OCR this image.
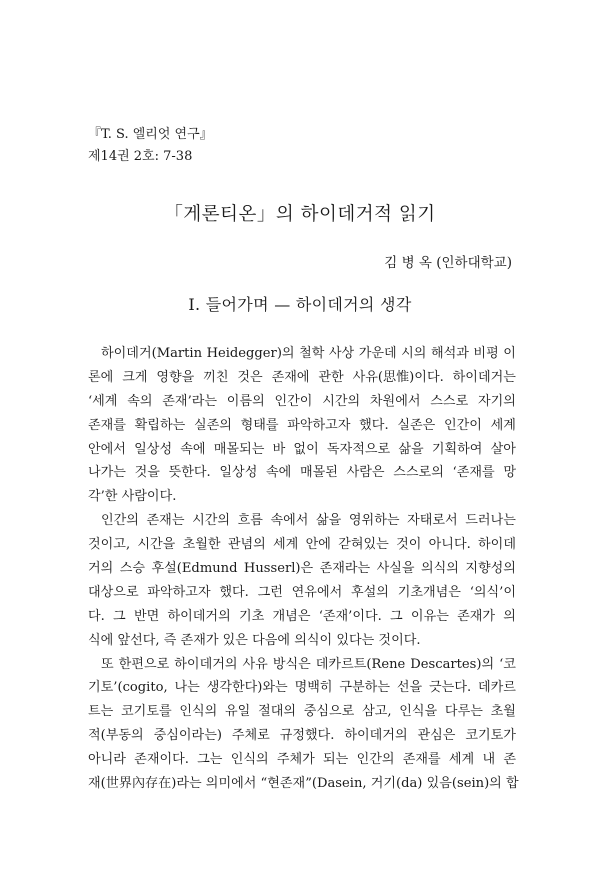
『T. S. 엘리엇 연구』
제14권 2호: 7-38
「게론티온」의 하이데거적 읽기
김 병 옥 (인하대학교)
Ⅰ. 들어가며 — 하이데거의 생각
하이데거(Martin Heidegger)의 철학 사상 가운데 시의 해석과 비평 이
론에 크게 영향을 끼친 것은 존재에 관한 사유(思惟)이다. 하이데거는
‘세계 속의 존재’라는 이름의 인간이 시간의 차원에서 스스로 자기의
존재를 확립하는 실존의 형태를 파악하고자 했다. 실존은 인간이 세계
안에서 일상성 속에 매몰되는 바 없이 독자적으로 삶을 기획하여 살아
나가는 것을 뜻한다. 일상성 속에 매몰된 사람은 스스로의 ‘존재를 망
각’한 사람이다.
인간의 존재는 시간의 흐름 속에서 삶을 영위하는 자태로서 드러나는
것이고, 시간을 초월한 관념의 세계 안에 갇혀있는 것이 아니다. 하이데
거의 스승 후설(Edmund Husserl)은 존재라는 사실을 의식의 지향성의
대상으로 파악하고자 했다. 그런 연유에서 후설의 기초개념은 ‘의식’이
다. 그 반면 하이데거의 기초 개념은 ‘존재’이다. 그 이유는 존재가 의
식에 앞선다, 즉 존재가 있은 다음에 의식이 있다는 것이다.
또 한편으로 하이데거의 사유 방식은 데카르트(Rene Descartes)의 ‘코
기토’(cogito, 나는 생각한다)와는 명백히 구분하는 선을 긋는다. 데카르
트는 코기토를 인식의 유일 절대의 중심으로 삼고, 인식을 다루는 초월
적(부동의 중심이라는) 주체로 규정했다. 하이데거의 관심은 코기토가
아니라 존재이다. 그는 인식의 주체가 되는 인간의 존재를 세계 내 존
재(世界內存在)라는 의미에서 “현존재”(Dasein, 거기(da) 있음(sein)의 합
